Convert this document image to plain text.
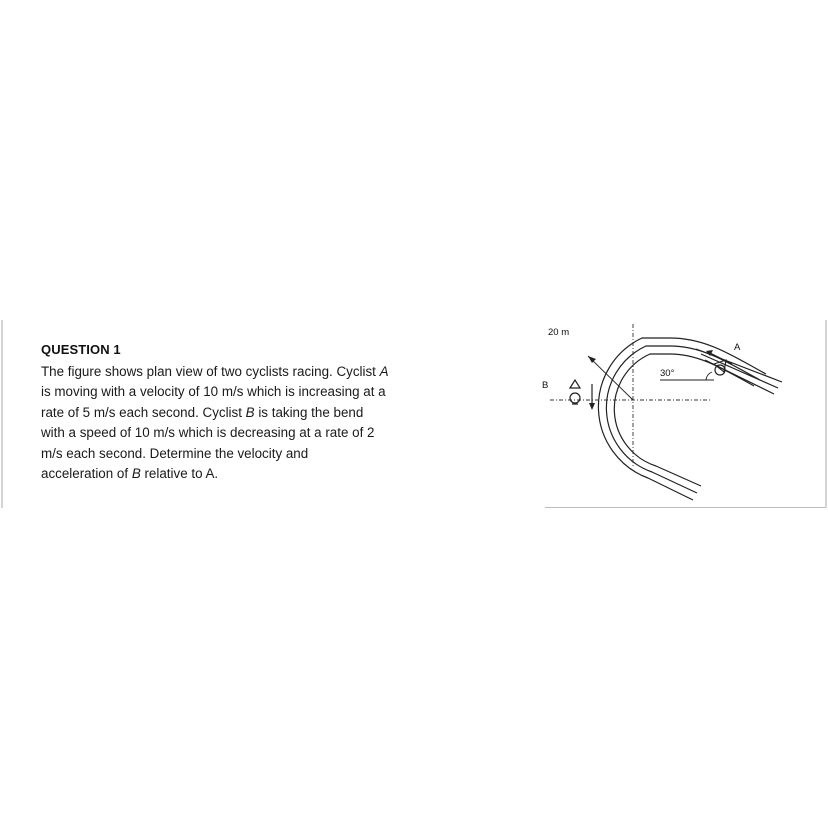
QUESTION 1
The figure shows plan view of two cyclists racing. Cyclist A
is moving with a velocity of 10 m/s which is increasing at a
rate of 5 m/s each second. Cyclist B is taking the bend
with a speed of 10 m/s which is decreasing at a rate of 2
m/s each second. Determine the velocity and
acceleration of B relative to A.
20 m
30°
A
B
